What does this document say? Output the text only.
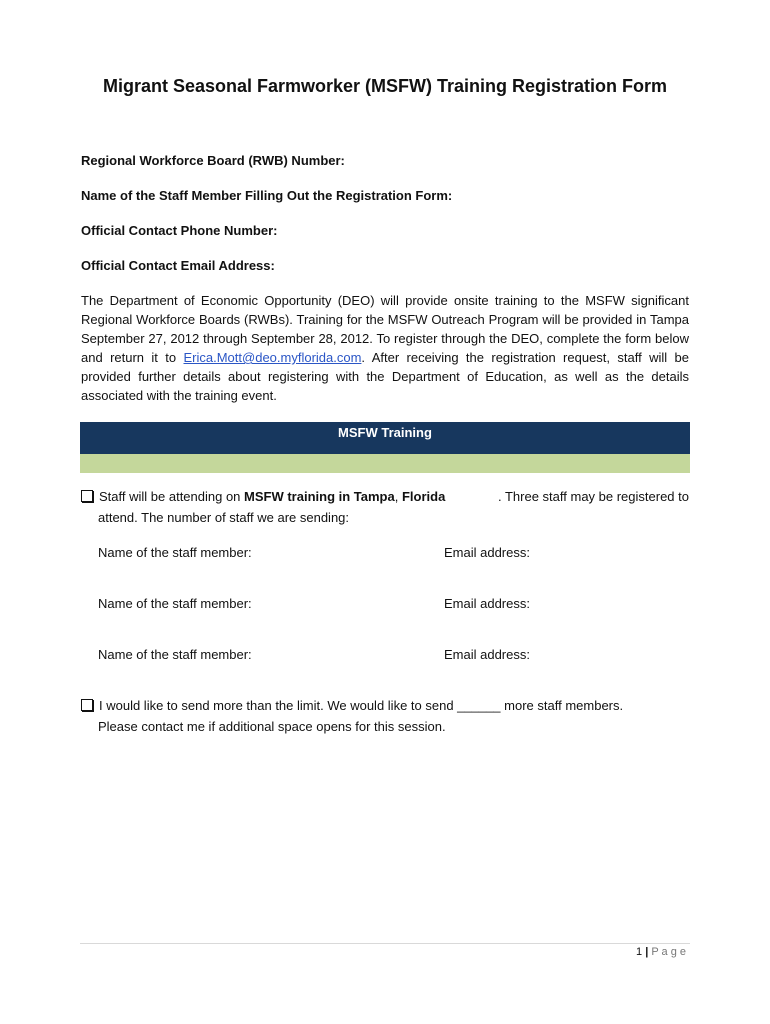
Migrant Seasonal Farmworker (MSFW) Training Registration Form
Regional Workforce Board (RWB) Number:
Name of the Staff Member Filling Out the Registration Form:
Official Contact Phone Number:
Official Contact Email Address:
The Department of Economic Opportunity (DEO) will provide onsite training to the MSFW significant Regional Workforce Boards (RWBs). Training for the MSFW Outreach Program will be provided in Tampa September 27, 2012 through September 28, 2012. To register through the DEO, complete the form below and return it to Erica.Mott@deo.myflorida.com. After receiving the registration request, staff will be provided further details about registering with the Department of Education, as well as the details associated with the training event.
MSFW Training
Staff will be attending on MSFW training in Tampa, Florida	. Three staff may be registered to
attend. The number of staff we are sending:
Name of the staff member:	Email address:
Name of the staff member:	Email address:
Name of the staff member:	Email address:
I would like to send more than the limit. We would like to send ______ more staff members.
Please contact me if additional space opens for this session.
1 | P a g e
